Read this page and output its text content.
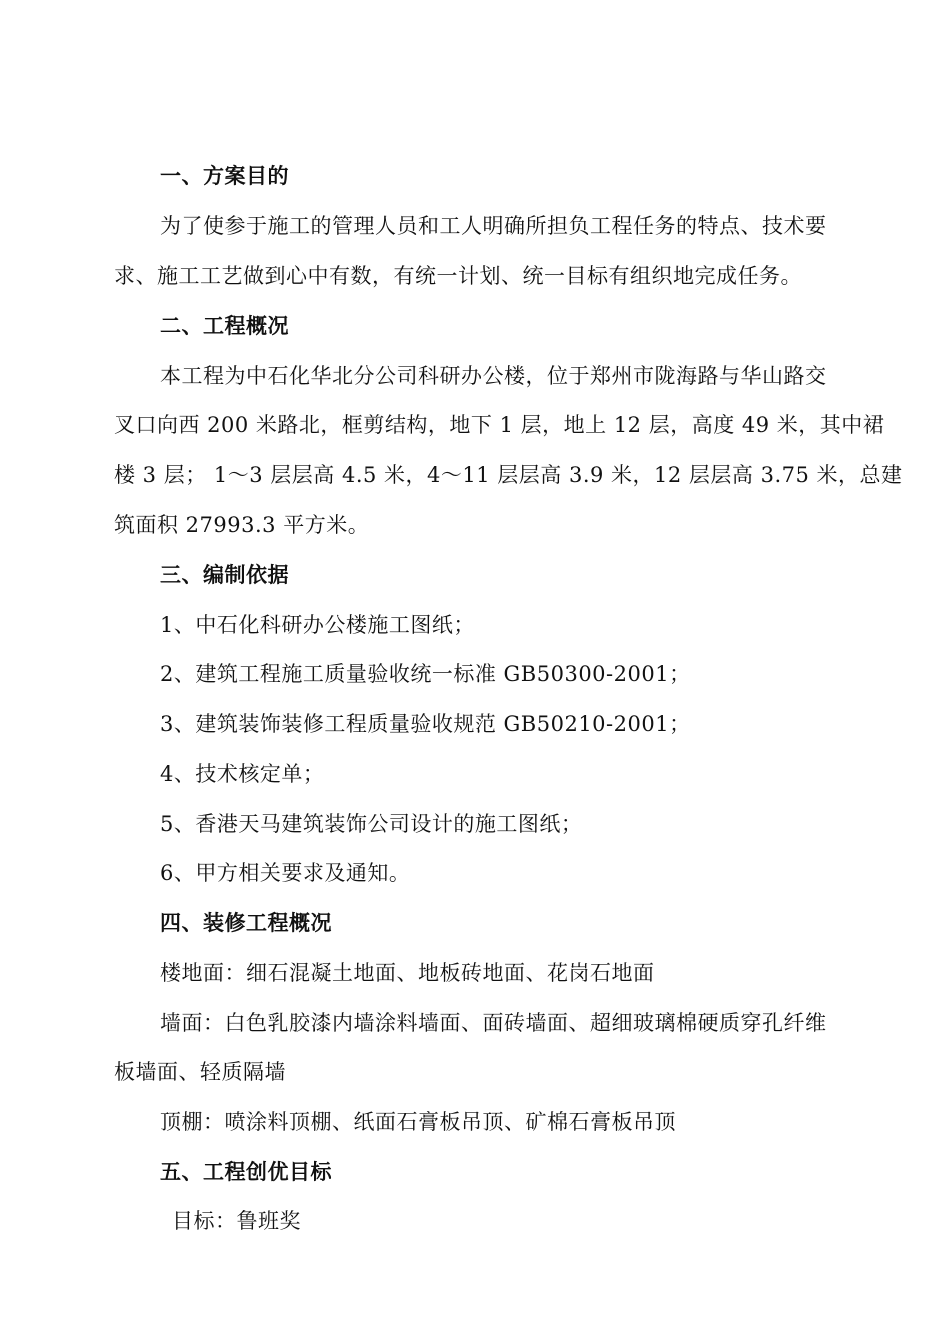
一、方案目的
为了使参于施工的管理人员和工人明确所担负工程任务的特点、技术要
求、施工工艺做到心中有数，有统一计划、统一目标有组织地完成任务。
二、工程概况
本工程为中石化华北分公司科研办公楼，位于郑州市陇海路与华山路交
叉口向西 200 米路北，框剪结构，地下 1 层，地上 12 层，高度 49 米，其中裙
楼 3 层； 1～3 层层高 4.5 米，4～11 层层高 3.9 米，12 层层高 3.75 米，总建
筑面积 27993.3 平方米。
三、编制依据
1、中石化科研办公楼施工图纸；
2、建筑工程施工质量验收统一标准 GB50300-2001；
3、建筑装饰装修工程质量验收规范 GB50210-2001；
4、技术核定单；
5、香港天马建筑装饰公司设计的施工图纸；
6、甲方相关要求及通知。
四、装修工程概况
楼地面：细石混凝土地面、地板砖地面、花岗石地面
墙面：白色乳胶漆内墙涂料墙面、面砖墙面、超细玻璃棉硬质穿孔纤维
板墙面、轻质隔墙
顶棚：喷涂料顶棚、纸面石膏板吊顶、矿棉石膏板吊顶
五、工程创优目标
目标：鲁班奖
